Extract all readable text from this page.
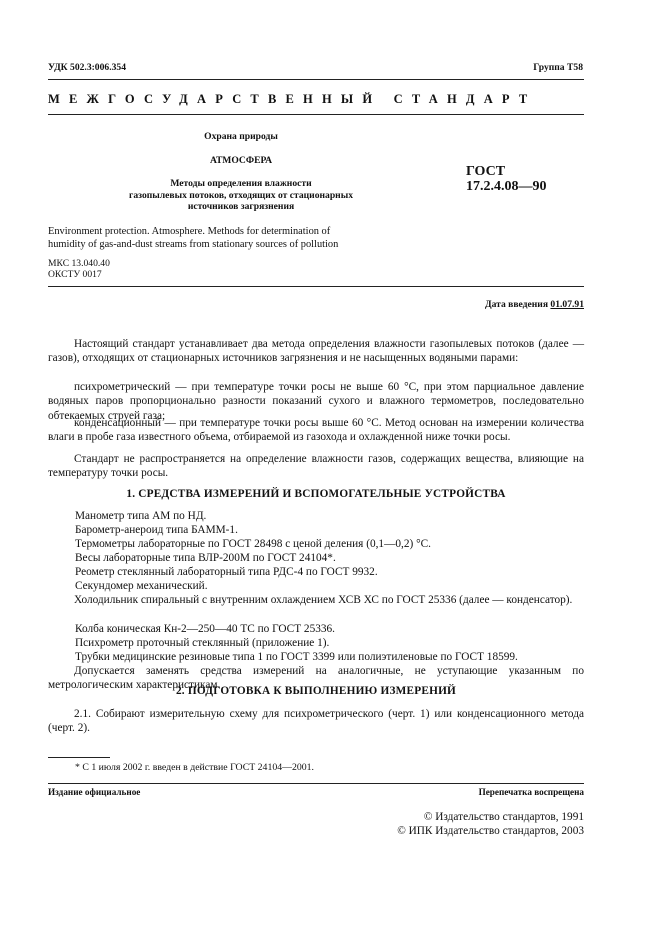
УДК 502.3:006.354	Группа Т58
МЕЖГОСУДАРСТВЕННЫЙ СТАНДАРТ
Охрана природы
АТМОСФЕРА
Методы определения влажности
газопылевых потоков, отходящих от стационарных
источников загрязнения
Environment protection. Atmosphere. Methods for determination of
humidity of gas-and-dust streams from stationary sources of pollution
ГОСТ
17.2.4.08—90
МКС 13.040.40
ОКСТУ 0017
Дата введения 01.07.91
Настоящий стандарт устанавливает два метода определения влажности газопылевых потоков (далее — газов), отходящих от стационарных источников загрязнения и не насыщенных водяными парами:
психрометрический — при температуре точки росы не выше 60 °С, при этом парциальное давление водяных паров пропорционально разности показаний сухого и влажного термометров, последовательно обтекаемых струей газа;
конденсационный — при температуре точки росы выше 60 °С. Метод основан на измерении количества влаги в пробе газа известного объема, отбираемой из газохода и охлажденной ниже точки росы.
Стандарт не распространяется на определение влажности газов, содержащих вещества, влияющие на температуру точки росы.
1. СРЕДСТВА ИЗМЕРЕНИЙ И ВСПОМОГАТЕЛЬНЫЕ УСТРОЙСТВА
Манометр типа АМ по НД.
Барометр-анероид типа БАММ-1.
Термометры лабораторные по ГОСТ 28498 с ценой деления (0,1—0,2) °С.
Весы лабораторные типа ВЛР-200М по ГОСТ 24104*.
Реометр стеклянный лабораторный типа РДС-4 по ГОСТ 9932.
Секундомер механический.
Холодильник спиральный с внутренним охлаждением ХСВ ХС по ГОСТ 25336 (далее — конденсатор).
Колба коническая Кн-2—250—40 ТС по ГОСТ 25336.
Психрометр проточный стеклянный (приложение 1).
Трубки медицинские резиновые типа 1 по ГОСТ 3399 или полиэтиленовые по ГОСТ 18599.
Допускается заменять средства измерений на аналогичные, не уступающие указанным по метрологическим характеристикам.
2. ПОДГОТОВКА К ВЫПОЛНЕНИЮ ИЗМЕРЕНИЙ
2.1. Собирают измерительную схему для психрометрического (черт. 1) или конденсационного метода (черт. 2).
* С 1 июля 2002 г. введен в действие ГОСТ 24104—2001.
Издание официальное	Перепечатка воспрещена
© Издательство стандартов, 1991
© ИПК Издательство стандартов, 2003
